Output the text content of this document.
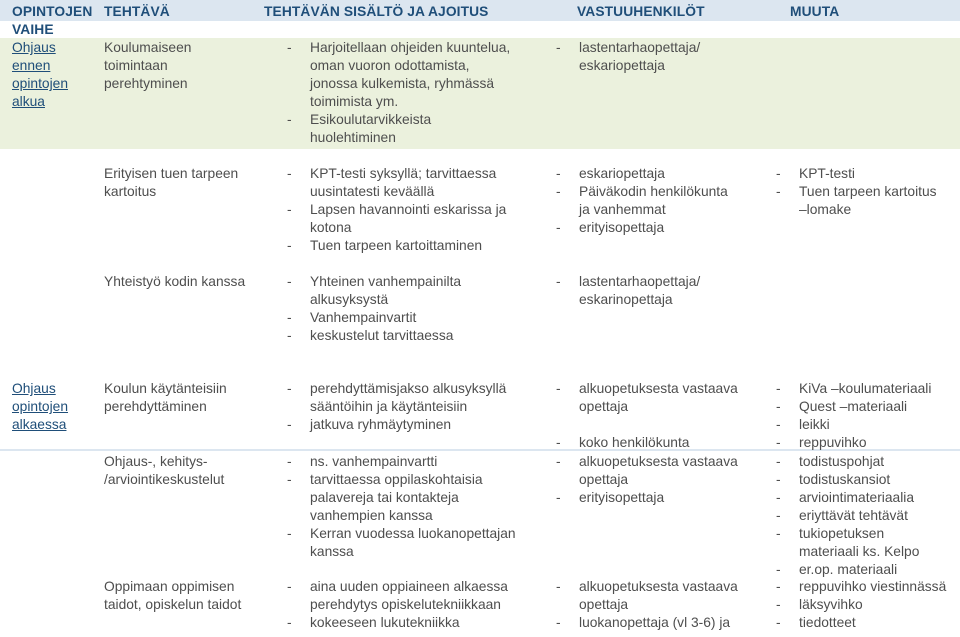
OPINTOJEN
VAIHE
TEHTÄVÄ	TEHTÄVÄN SISÄLTÖ JA AJOITUS	VASTUUHENKILÖT	MUUTA
Ohjaus
ennen
opintojen
alkua
Ohjaus
opintojen
alkaessa
Koulumaiseen
toimintaan
perehtyminen
- Harjoitellaan ohjeiden kuuntelua,
oman vuoron odottamista,
jonossa kulkemista, ryhmässä
toimimista ym.
- Esikoulutarvikkeista
huolehtiminen
- lastentarhaopettaja/
eskariopettaja
Erityisen tuen tarpeen
kartoitus
- KPT-testi syksyllä; tarvittaessa
uusintatesti keväällä
- Lapsen havannointi eskarissa ja
kotona
- Tuen tarpeen kartoittaminen
- eskariopettaja
- Päiväkodin henkilökunta
ja vanhemmat
- erityisopettaja
- KPT-testi
- Tuen tarpeen kartoitus
–lomake
Yhteistyö kodin kanssa
-	Yhteinen vanhempainilta
alkusyksystä
- Vanhempainvartit
- keskustelut tarvittaessa
- lastentarhaopettaja/
eskarinopettaja
Koulun käytänteisiin
perehdyttäminen
- perehdyttämisjakso alkusyksyllä
sääntöihin ja käytänteisiin
- jatkuva ryhmäytyminen
- alkuopetuksesta vastaava
opettaja
- koko henkilökunta
- KiVa –koulumateriaali
- Quest –materiaali
- leikki
- reppuvihko
Ohjaus-, kehitys-
/arviointikeskustelut
- ns. vanhempainvartti
- tarvittaessa oppilaskohtaisia
palavereja tai kontakteja
vanhempien kanssa
- Kerran vuodessa luokanopettajan
kanssa
- alkuopetuksesta vastaava
opettaja
- erityisopettaja
- todistuspohjat
- todistuskansiot
- arviointimateriaalia
- eriyttävät tehtävät
- tukiopetuksen
materiaali ks. Kelpo
- er.op. materiaali
Oppimaan oppimisen
taidot, opiskelun taidot
- aina uuden oppiaineen alkaessa
perehdytys opiskelutekniikkaan
- kokeeseen lukutekniikka
- alkuopetuksesta vastaava
opettaja
- luokanopettaja (vl 3-6) ja
- reppuvihko viestinnässä
- läksyvihko
- tiedotteet
